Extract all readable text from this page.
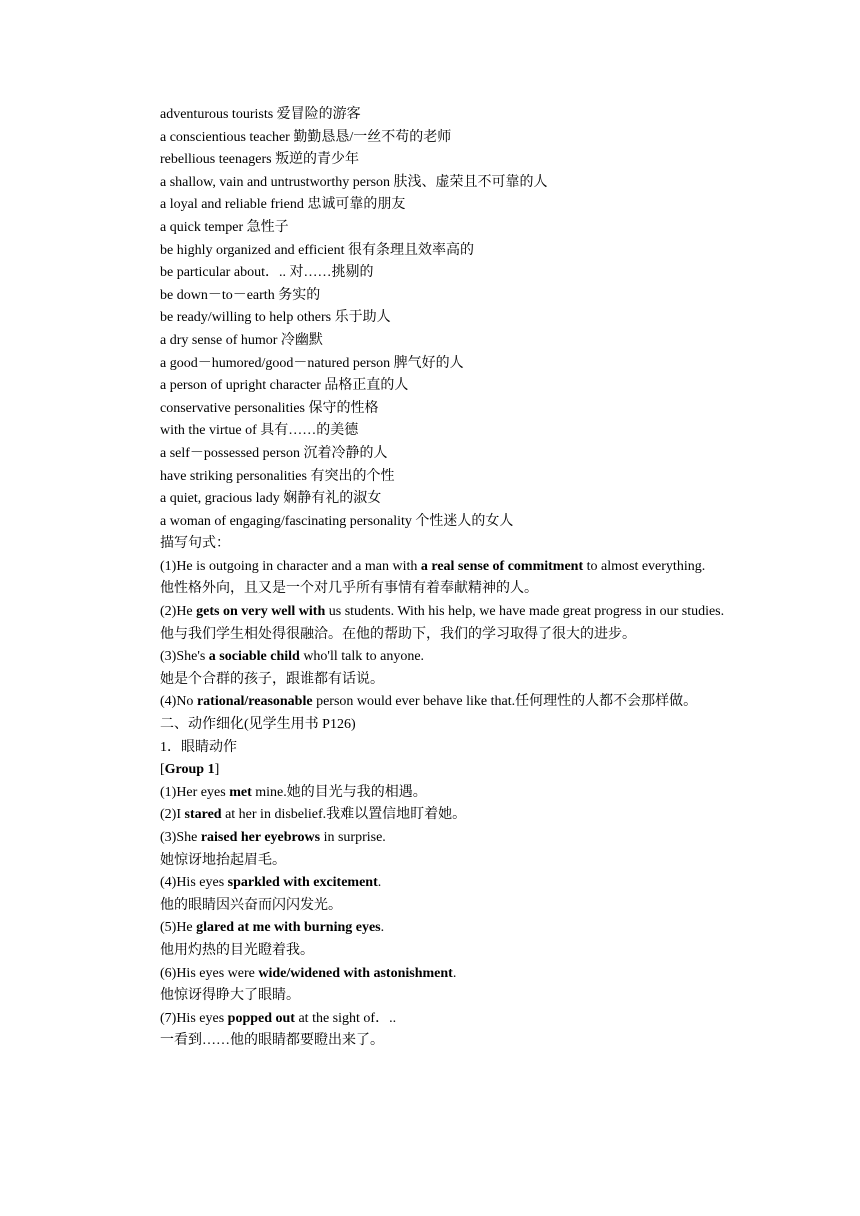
adventurous tourists 爱冒险的游客
a conscientious teacher 勤勤恳恳/一丝不苟的老师
rebellious teenagers 叛逆的青少年
a shallow, vain and untrustworthy person 肤浅、虚荣且不可靠的人
a loyal and reliable friend 忠诚可靠的朋友
a quick temper 急性子
be highly organized and efficient 很有条理且效率高的
be particular about．.. 对……挑剔的
be down－to－earth 务实的
be ready/willing to help others 乐于助人
a dry sense of humor 冷幽默
a good－humored/good－natured person 脾气好的人
a person of upright character 品格正直的人
conservative personalities 保守的性格
with the virtue of 具有……的美德
a self－possessed person 沉着冷静的人
have striking personalities 有突出的个性
a quiet, gracious lady 娴静有礼的淑女
a woman of engaging/fascinating personality 个性迷人的女人
描写句式：
(1)He is outgoing in character and a man with a real sense of commitment to almost everything.
他性格外向，且又是一个对几乎所有事情有着奉献精神的人。
(2)He gets on very well with us students. With his help, we have made great progress in our studies.
他与我们学生相处得很融洽。在他的帮助下，我们的学习取得了很大的进步。
(3)She's a sociable child who'll talk to anyone.
她是个合群的孩子，跟谁都有话说。
(4)No rational/reasonable person would ever behave like that.任何理性的人都不会那样做。
二、动作细化(见学生用书 P126)
1．眼睛动作
[Group 1]
(1)Her eyes met mine.她的目光与我的相遇。
(2)I stared at her in disbelief.我难以置信地盯着她。
(3)She raised her eyebrows in surprise.
她惊讶地抬起眉毛。
(4)His eyes sparkled with excitement.
他的眼睛因兴奋而闪闪发光。
(5)He glared at me with burning eyes.
他用灼热的目光瞪着我。
(6)His eyes were wide/widened with astonishment.
他惊讶得睁大了眼睛。
(7)His eyes popped out at the sight of．..
一看到……他的眼睛都要瞪出来了。
